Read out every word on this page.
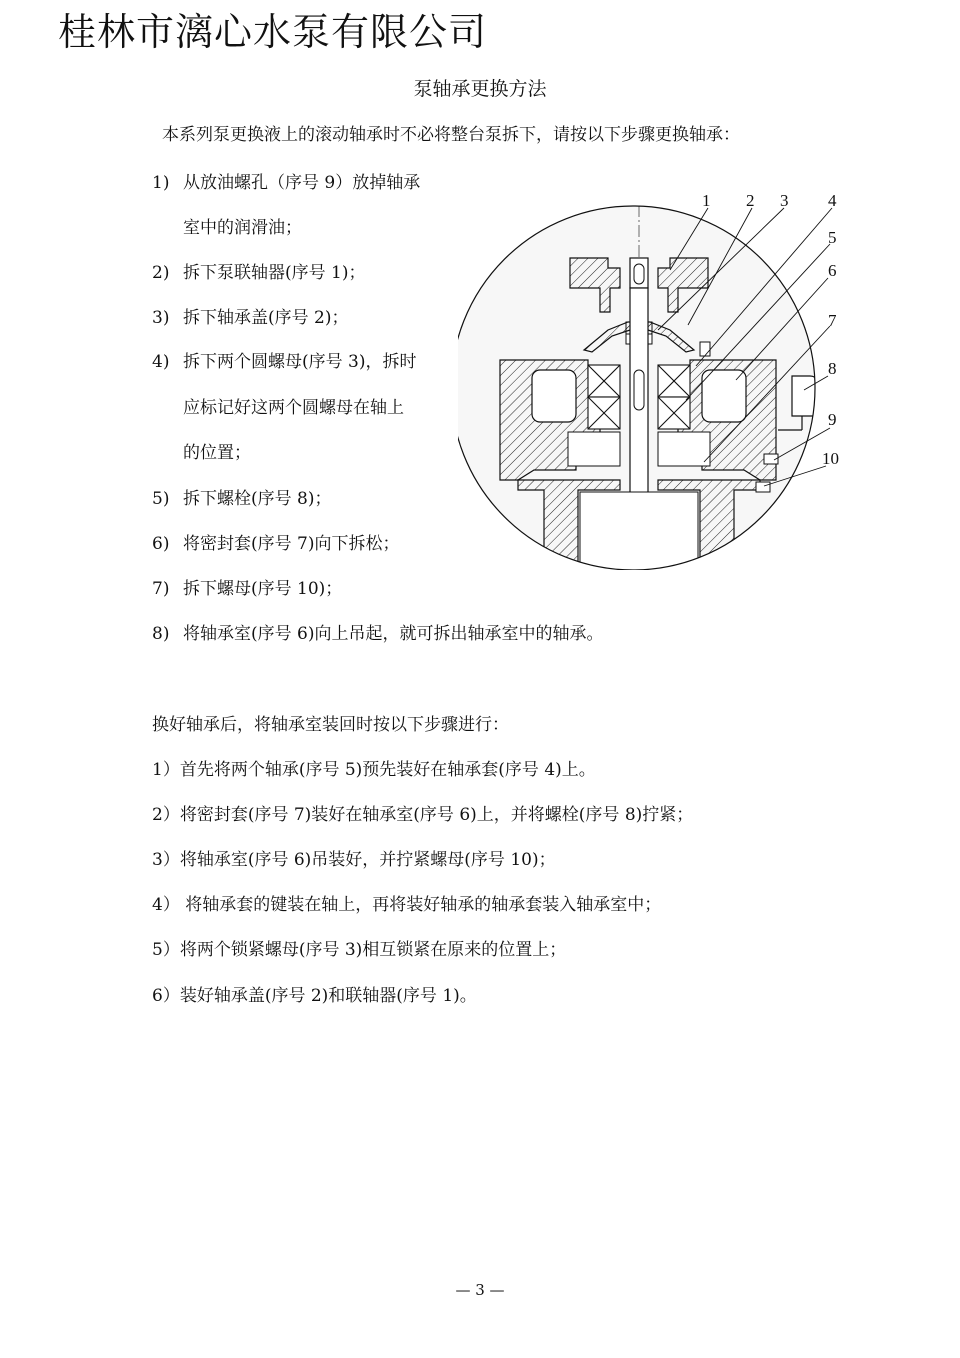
桂林市漓心水泵有限公司
泵轴承更换方法
本系列泵更换液上的滚动轴承时不必将整台泵拆下，请按以下步骤更换轴承：
1) 从放油螺孔（序号 9）放掉轴承
室中的润滑油；
2) 拆下泵联轴器(序号 1)；
3) 拆下轴承盖(序号 2)；
4) 拆下两个圆螺母(序号 3)，拆时
应标记好这两个圆螺母在轴上
的位置；
5) 拆下螺栓(序号 8)；
6) 将密封套(序号 7)向下拆松；
7) 拆下螺母(序号 10)；
8) 将轴承室(序号 6)向上吊起，就可拆出轴承室中的轴承。
换好轴承后，将轴承室装回时按以下步骤进行：
1）首先将两个轴承(序号 5)预先装好在轴承套(序号 4)上。
2）将密封套(序号 7)装好在轴承室(序号 6)上，并将螺栓(序号 8)拧紧；
3）将轴承室(序号 6)吊装好，并拧紧螺母(序号 10)；
4） 将轴承套的键装在轴上，再将装好轴承的轴承套装入轴承室中；
5）将两个锁紧螺母(序号 3)相互锁紧在原来的位置上；
6）装好轴承盖(序号 2)和联轴器(序号 1)。
1 2 3 4
5
6
7
8
9
10
— 3 —
